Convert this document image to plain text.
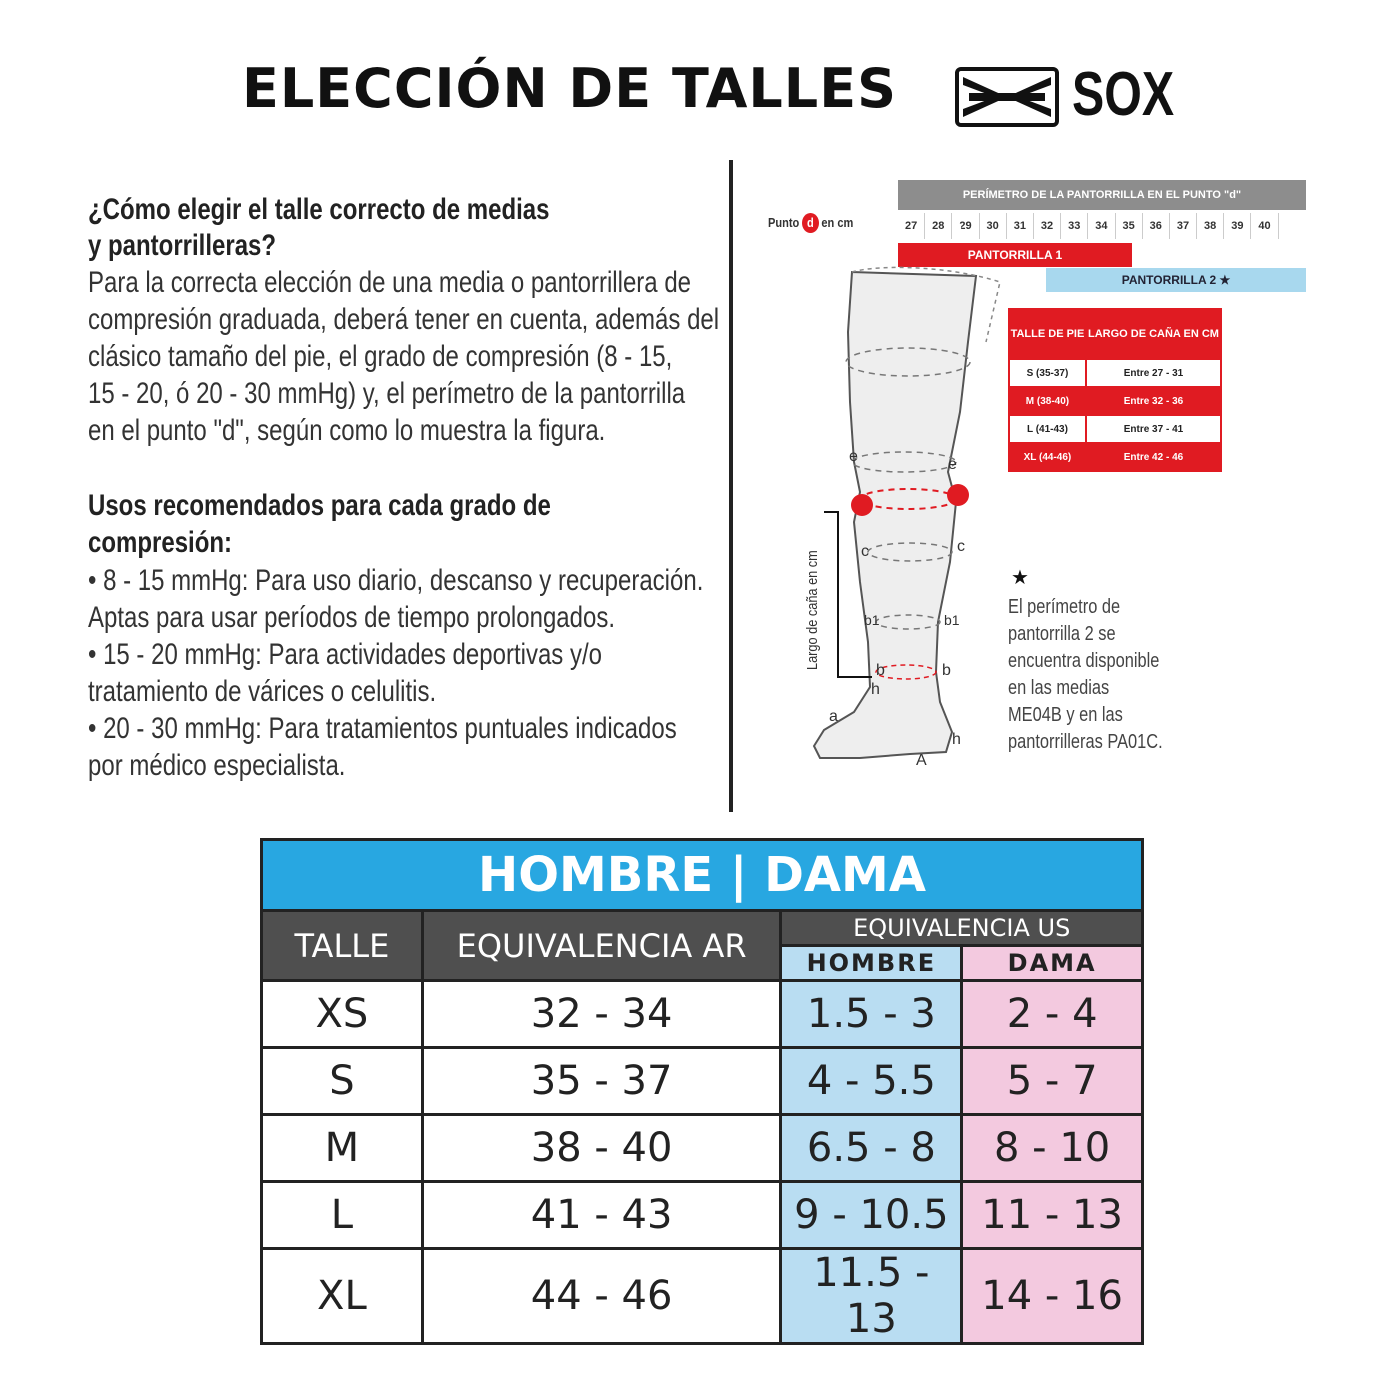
ELECCIÓN DE TALLES	SOX
¿Cómo elegir el talle correcto de medias
y pantorrilleras?
Para la correcta elección de una media o pantorrillera de
compresión graduada, deberá tener en cuenta, además del
clásico tamaño del pie, el grado de compresión (8 - 15,
15 - 20, ó 20 - 30 mmHg) y, el perímetro de la pantorrilla
en el punto "d", según como lo muestra la figura.
Usos recomendados para cada grado de
compresión:
• 8 - 15 mmHg: Para uso diario, descanso y recuperación.
Aptas para usar períodos de tiempo prolongados.
• 15 - 20 mmHg: Para actividades deportivas y/o
tratamiento de várices o celulitis.
• 20 - 30 mmHg: Para tratamientos puntuales indicados
por médico especialista.
PERÍMETRO DE LA PANTORRILLA EN EL PUNTO "d"
Punto d en cm	27	28	29	30	31	32	33	34	35	36	37	38	39	40
PANTORRILLA 1
PANTORRILLA 2 ★
d
d
e	e
c	c
b1	b1
b	b
h
h
a
A
Largo de caña en cm
TALLE DE PIE	LARGO DE CAÑA EN CM
S (35-37)	Entre 27 - 31
M (38-40)	Entre 32 - 36
L (41-43)	Entre 37 - 41
XL (44-46)	Entre 42 - 46
★
El perímetro de
pantorrilla 2 se
encuentra disponible
en las medias
ME04B y en las
pantorrilleras PA01C.
HOMBRE | DAMA			
TALLE	EQUIVALENCIA AR	EQUIVALENCIA US	
		HOMBRE	DAMA
XS	32 - 34	1.5 - 3	2 - 4
S	35 - 37	4 - 5.5	5 - 7
M	38 - 40	6.5 - 8	8 - 10
L	41 - 43	9 - 10.5	11 - 13
XL	44 - 46	11.5 - 13	14 - 16
